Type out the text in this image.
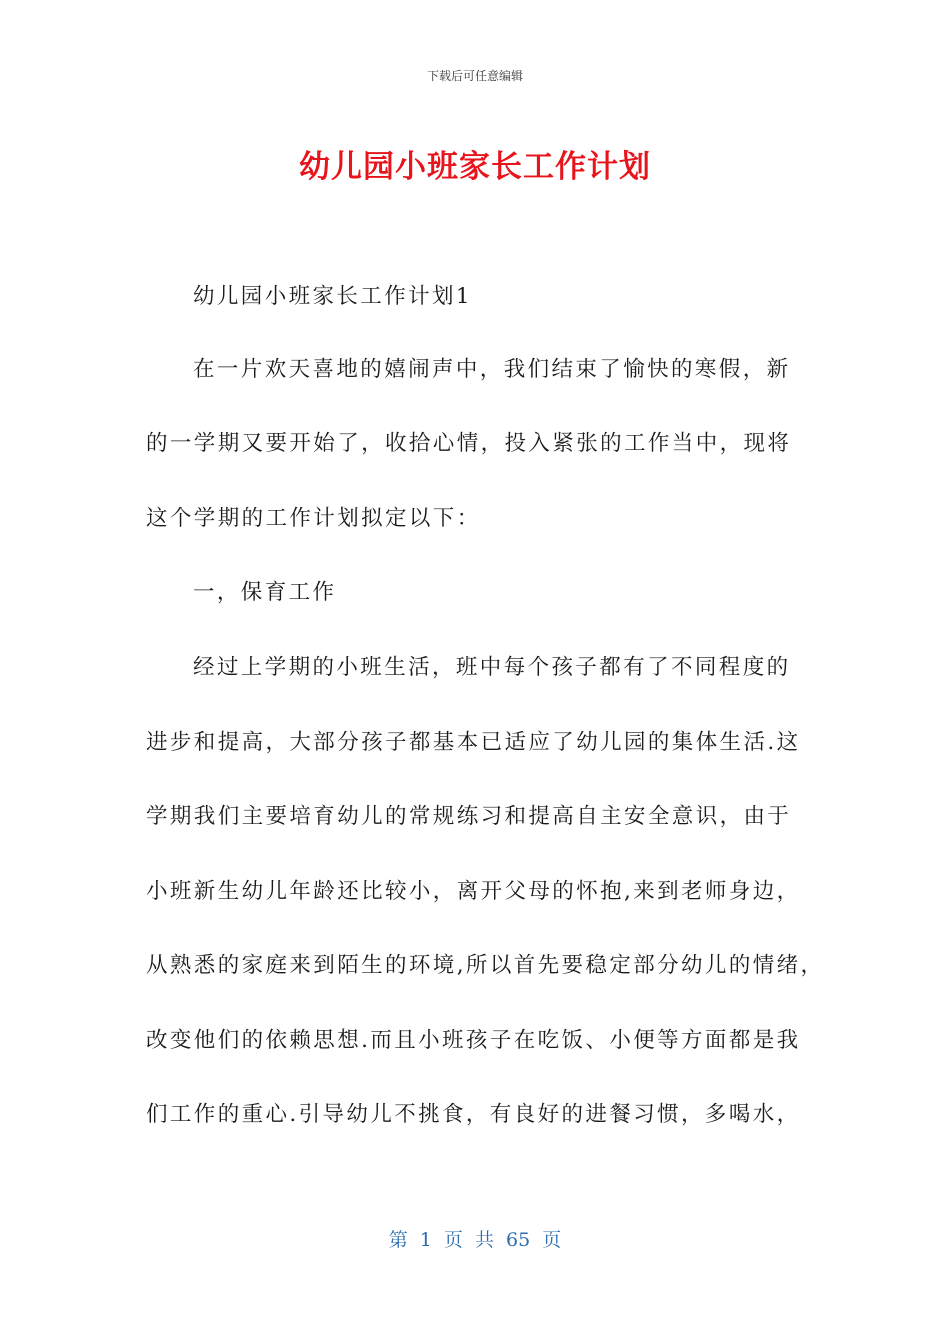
下载后可任意编辑
幼儿园小班家长工作计划
幼儿园小班家长工作计划1
在一片欢天喜地的嬉闹声中，我们结束了愉快的寒假，新
的一学期又要开始了，收拾心情，投入紧张的工作当中，现将
这个学期的工作计划拟定以下：
一，保育工作
经过上学期的小班生活，班中每个孩子都有了不同程度的
进步和提高，大部分孩子都基本已适应了幼儿园的集体生活.这
学期我们主要培育幼儿的常规练习和提高自主安全意识，由于
小班新生幼儿年龄还比较小，离开父母的怀抱,来到老师身边，
从熟悉的家庭来到陌生的环境,所以首先要稳定部分幼儿的情绪，
改变他们的依赖思想.而且小班孩子在吃饭、小便等方面都是我
们工作的重心.引导幼儿不挑食，有良好的进餐习惯，多喝水，
第 1 页 共 65 页
